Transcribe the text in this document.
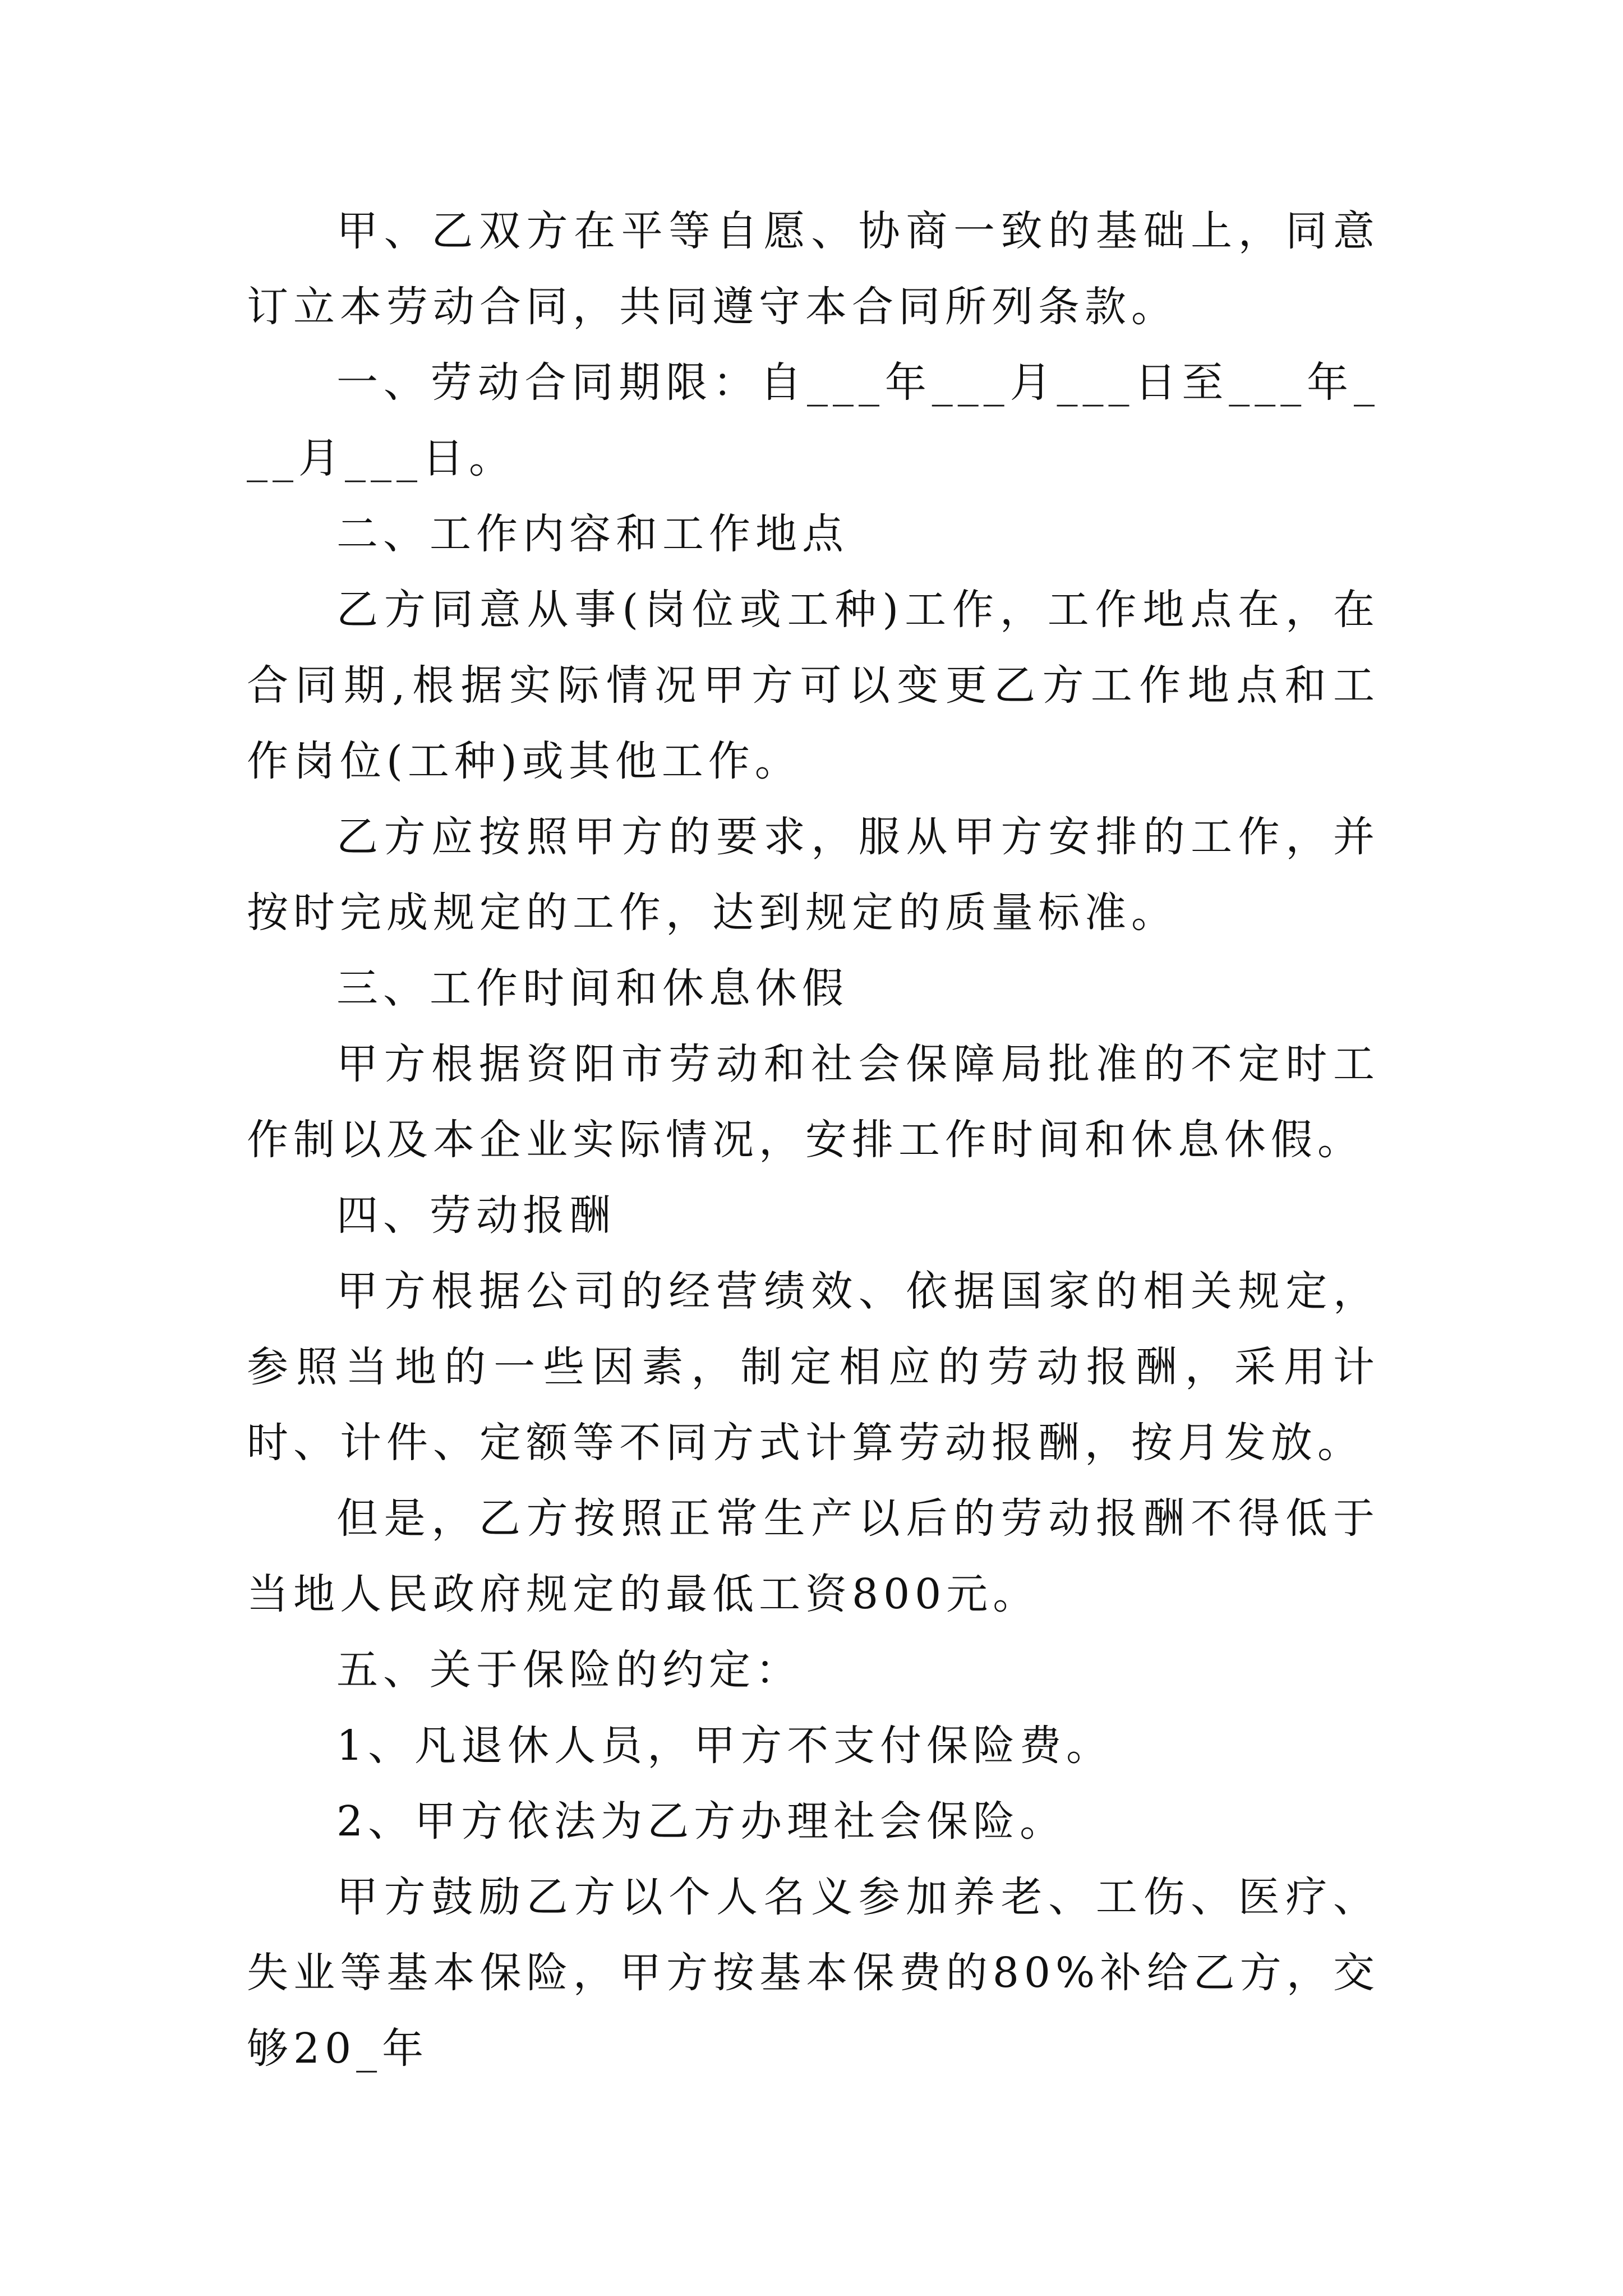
甲、乙双方在平等自愿、协商一致的基础上，同意订立本劳动合同，共同遵守本合同所列条款。

一、劳动合同期限：自___年___月___日至___年___月___日。

二、工作内容和工作地点

乙方同意从事(岗位或工种)工作，工作地点在，在合同期,根据实际情况甲方可以变更乙方工作地点和工作岗位(工种)或其他工作。

乙方应按照甲方的要求，服从甲方安排的工作，并按时完成规定的工作，达到规定的质量标准。

三、工作时间和休息休假

甲方根据资阳市劳动和社会保障局批准的不定时工作制以及本企业实际情况，安排工作时间和休息休假。

四、劳动报酬

甲方根据公司的经营绩效、依据国家的相关规定，参照当地的一些因素，制定相应的劳动报酬，采用计时、计件、定额等不同方式计算劳动报酬，按月发放。

但是，乙方按照正常生产以后的劳动报酬不得低于当地人民政府规定的最低工资800元。

五、关于保险的约定：

1、凡退休人员，甲方不支付保险费。

2、甲方依法为乙方办理社会保险。

甲方鼓励乙方以个人名义参加养老、工伤、医疗、失业等基本保险，甲方按基本保费的80%补给乙方，交够20_年
